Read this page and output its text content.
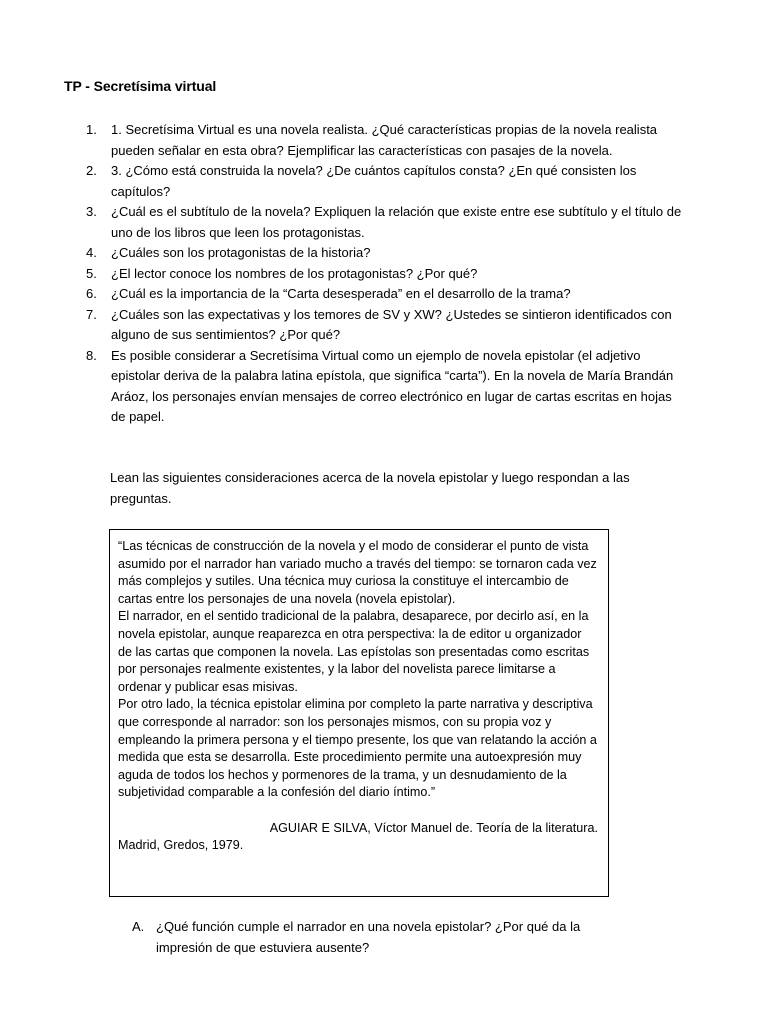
TP - Secretísima virtual
1.	1. Secretísima Virtual es una novela realista. ¿Qué características propias de la novela realista pueden señalar en esta obra? Ejemplificar las características con pasajes de la novela.
2.	3. ¿Cómo está construida la novela? ¿De cuántos capítulos consta? ¿En qué consisten los capítulos?
3.	¿Cuál es el subtítulo de la novela? Expliquen la relación que existe entre ese subtítulo y el título de uno de los libros que leen los protagonistas.
4.	¿Cuáles son los protagonistas de la historia?
5.	¿El lector conoce los nombres de los protagonistas? ¿Por qué?
6.	¿Cuál es la importancia de la “Carta desesperada” en el desarrollo de la trama?
7.	¿Cuáles son las expectativas y los temores de SV y XW? ¿Ustedes se sintieron identificados con alguno de sus sentimientos? ¿Por qué?
8.	Es posible considerar a Secretísima Virtual como un ejemplo de novela epistolar (el adjetivo epistolar deriva de la palabra latina epístola, que significa “carta”). En la novela de María Brandán Aráoz, los personajes envían mensajes de correo electrónico en lugar de cartas escritas en hojas de papel.
Lean las siguientes consideraciones acerca de la novela epistolar y luego respondan a las preguntas.

“Las técnicas de construcción de la novela y el modo de considerar el punto de vista asumido por el narrador han variado mucho a través del tiempo: se tornaron cada vez más complejos y sutiles. Una técnica muy curiosa la constituye el intercambio de cartas entre los personajes de una novela (novela epistolar).

El narrador, en el sentido tradicional de la palabra, desaparece, por decirlo así, en la novela epistolar, aunque reaparezca en otra perspectiva: la de editor u organizador de las cartas que componen la novela. Las epístolas son presentadas como escritas por personajes realmente existentes, y la labor del novelista parece limitarse a ordenar y publicar esas misivas.

Por otro lado, la técnica epistolar elimina por completo la parte narrativa y descriptiva que corresponde al narrador: son los personajes mismos, con su propia voz y empleando la primera persona y el tiempo presente, los que van relatando la acción a medida que esta se desarrolla. Este procedimiento permite una autoexpresión muy aguda de todos los hechos y pormenores de la trama, y un desnudamiento de la subjetividad comparable a la confesión del diario íntimo.”

AGUIAR E SILVA, Víctor Manuel de. Teoría de la literatura.
Madrid, Gredos, 1979.

A. ¿Qué función cumple el narrador en una novela epistolar? ¿Por qué da la impresión de que estuviera ausente?
